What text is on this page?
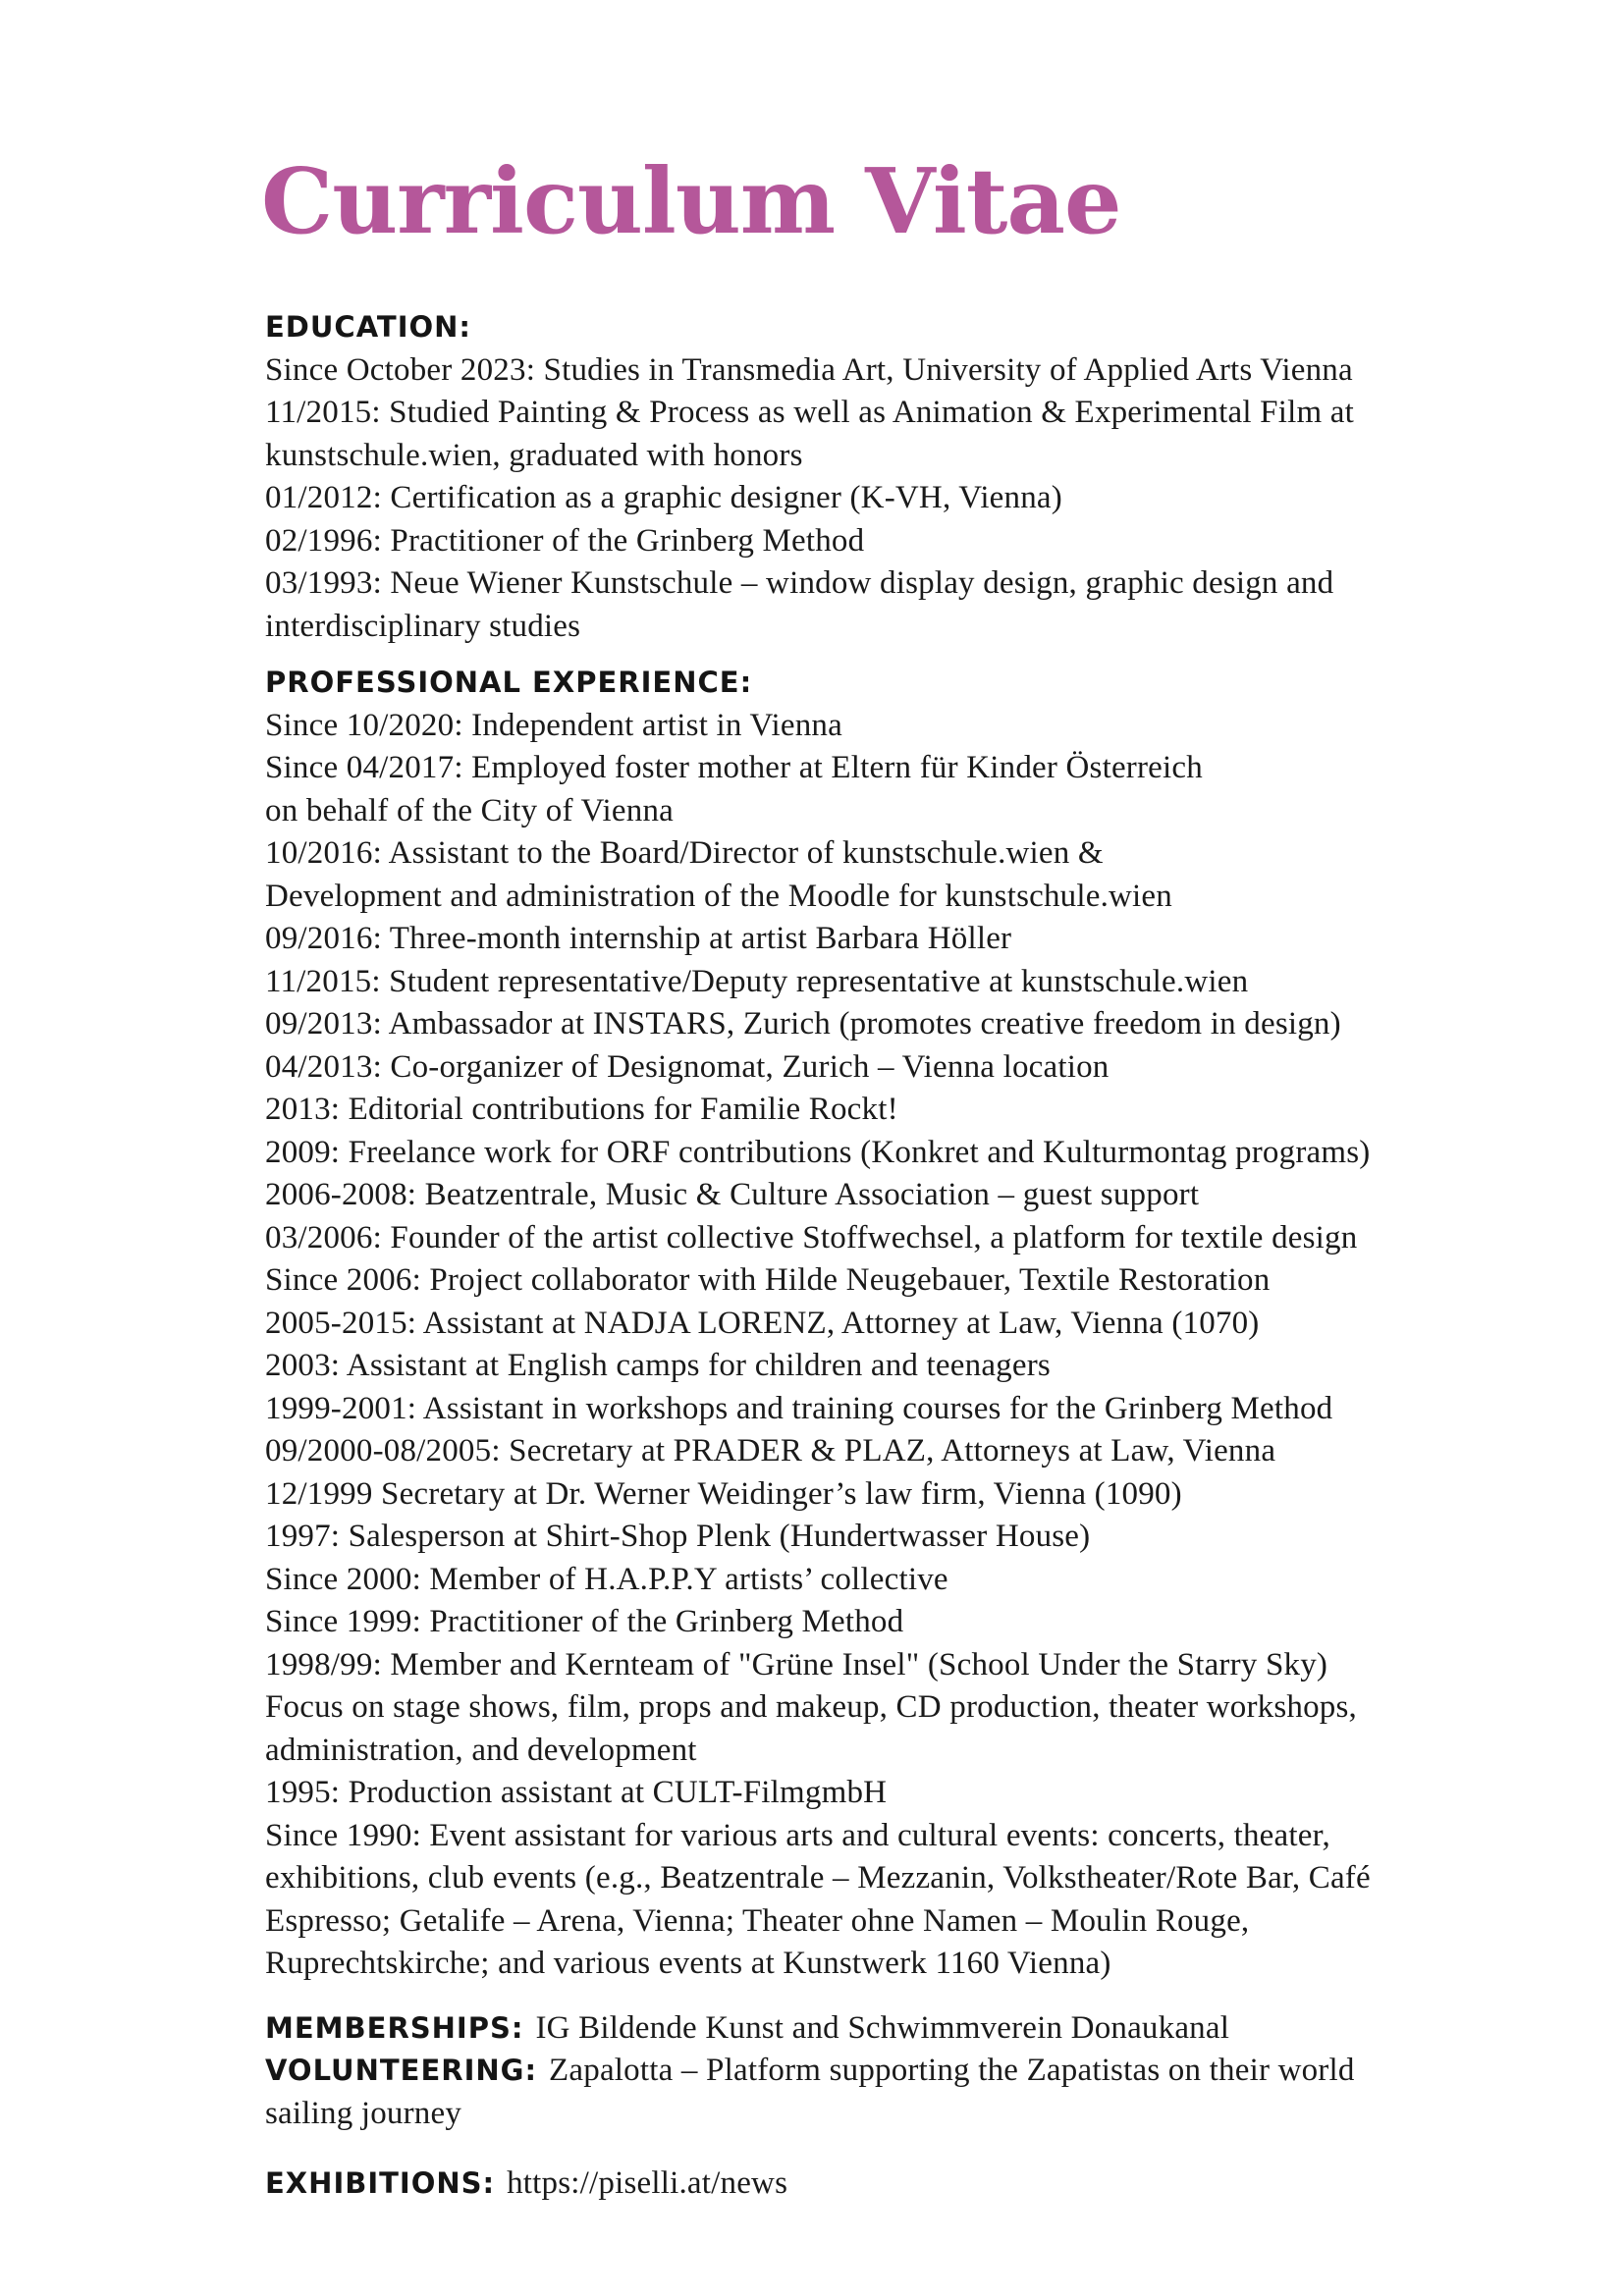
Curriculum Vitae
EDUCATION:
Since October 2023: Studies in Transmedia Art, University of Applied Arts Vienna
11/2015: Studied Painting & Process as well as Animation & Experimental Film at
kunstschule.wien, graduated with honors
01/2012: Certification as a graphic designer (K-VH, Vienna)
02/1996: Practitioner of the Grinberg Method
03/1993: Neue Wiener Kunstschule – window display design, graphic design and
interdisciplinary studies
PROFESSIONAL EXPERIENCE:
Since 10/2020: Independent artist in Vienna
Since 04/2017: Employed foster mother at Eltern für Kinder Österreich
on behalf of the City of Vienna
10/2016: Assistant to the Board/Director of kunstschule.wien &
Development and administration of the Moodle for kunstschule.wien
09/2016: Three-month internship at artist Barbara Höller
11/2015: Student representative/Deputy representative at kunstschule.wien
09/2013: Ambassador at INSTARS, Zurich (promotes creative freedom in design)
04/2013: Co-organizer of Designomat, Zurich – Vienna location
2013: Editorial contributions for Familie Rockt!
2009: Freelance work for ORF contributions (Konkret and Kulturmontag programs)
2006-2008: Beatzentrale, Music & Culture Association – guest support
03/2006: Founder of the artist collective Stoffwechsel, a platform for textile design
Since 2006: Project collaborator with Hilde Neugebauer, Textile Restoration
2005-2015: Assistant at NADJA LORENZ, Attorney at Law, Vienna (1070)
2003: Assistant at English camps for children and teenagers
1999-2001: Assistant in workshops and training courses for the Grinberg Method
09/2000-08/2005: Secretary at PRADER & PLAZ, Attorneys at Law, Vienna
12/1999 Secretary at Dr. Werner Weidinger’s law firm, Vienna (1090)
1997: Salesperson at Shirt-Shop Plenk (Hundertwasser House)
Since 2000: Member of H.A.P.P.Y artists’ collective
Since 1999: Practitioner of the Grinberg Method
1998/99: Member and Kernteam of "Grüne Insel" (School Under the Starry Sky)
Focus on stage shows, film, props and makeup, CD production, theater workshops,
administration, and development
1995: Production assistant at CULT-FilmgmbH
Since 1990: Event assistant for various arts and cultural events: concerts, theater,
exhibitions, club events (e.g., Beatzentrale – Mezzanin, Volkstheater/Rote Bar, Café
Espresso; Getalife – Arena, Vienna; Theater ohne Namen – Moulin Rouge,
Ruprechtskirche; and various events at Kunstwerk 1160 Vienna)
MEMBERSHIPS: IG Bildende Kunst and Schwimmverein Donaukanal
VOLUNTEERING: Zapalotta – Platform supporting the Zapatistas on their world
sailing journey
EXHIBITIONS: https://piselli.at/news
